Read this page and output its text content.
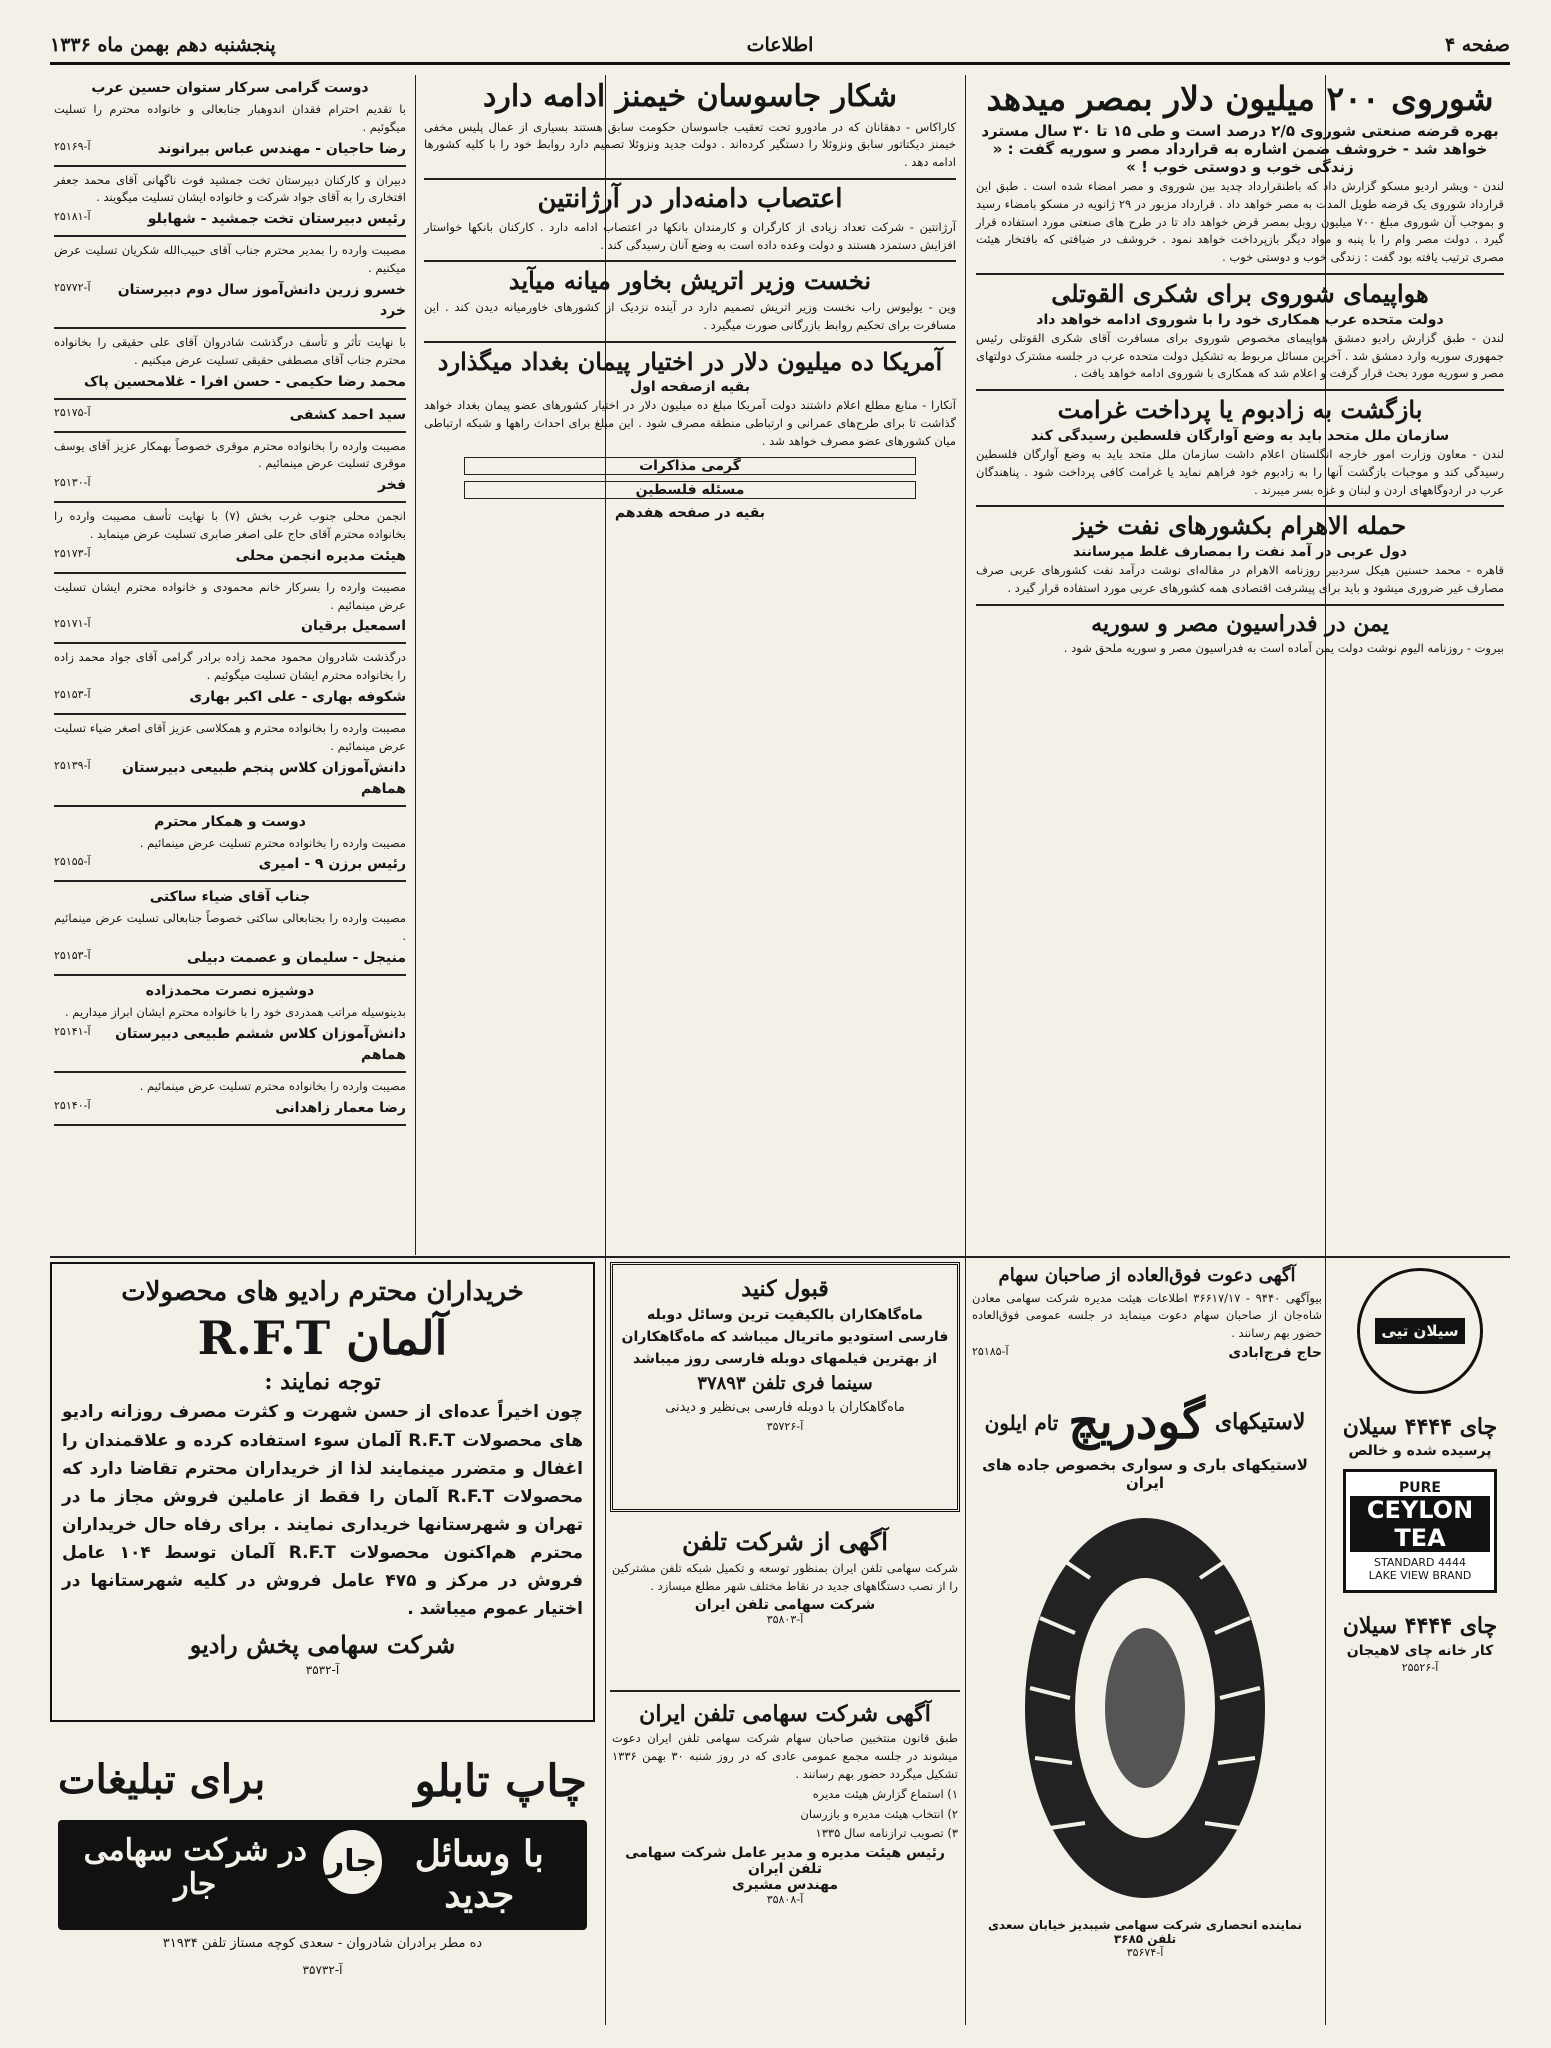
صفحه ۴
اطلاعات
پنجشنبه دهم بهمن ماه ۱۳۳۶
شوروی ۲۰۰ میلیون دلار بمصر میدهد
بهره قرضه صنعتی شوروی ۲/۵ درصد است و طی ۱۵ تا ۳۰ سال مسترد خواهد شد - خروشف ضمن اشاره به قرارداد مصر و سوریه گفت : « زندگی خوب و دوستی خوب ! »
لندن - ویشر اردیو مسکو گزارش داد که باطنقرارداد چدید بین شوروی و مصر امضاء شده است . طبق این قرارداد شوروی یک قرضه طویل المدت به مصر خواهد داد . قرارداد مزبور در ۲۹ ژانویه در مسکو بامضاء رسید و بموجب آن شوروی مبلغ ۷۰۰ میلیون روبل بمصر قرض خواهد داد تا در طرح های صنعتی مورد استفاده قرار گیرد . دولت مصر وام را با پنبه و مواد دیگر بازپرداخت خواهد نمود . خروشف در ضیافتی که بافتخار هیئت مصری ترتیب یافته بود گفت : زندگی خوب و دوستی خوب .
هواپیمای شوروی برای شکری القوتلی
دولت متحده عرب همکاری خود را با شوروی ادامه خواهد داد
لندن - طبق گزارش رادیو دمشق هواپیمای مخصوص شوروی برای مسافرت آقای شکری القوتلی رئیس جمهوری سوریه وارد دمشق شد . آخرین مسائل مربوط به تشکیل دولت متحده عرب در جلسه مشترک دولتهای مصر و سوریه مورد بحث قرار گرفت و اعلام شد که همکاری با شوروی ادامه خواهد یافت .
بازگشت به زادبوم یا پرداخت غرامت
سازمان ملل متحد باید به وضع آوارگان فلسطین رسیدگی کند
لندن - معاون وزارت امور خارجه انگلستان اعلام داشت سازمان ملل متحد باید به وضع آوارگان فلسطین رسیدگی کند و موجبات بازگشت آنها را به زادبوم خود فراهم نماید یا غرامت کافی پرداخت شود . پناهندگان عرب در اردوگاههای اردن و لبنان و غزه بسر میبرند .
حمله الاهرام بکشورهای نفت خیز
دول عربی در آمد نفت را بمصارف غلط میرسانند
قاهره - محمد حسنین هیکل سردبیر روزنامه الاهرام در مقاله‌ای نوشت درآمد نفت کشورهای عربی صرف مصارف غیر ضروری میشود و باید برای پیشرفت اقتصادی همه کشورهای عربی مورد استفاده قرار گیرد .
یمن در فدراسیون مصر و سوریه
بیروت - روزنامه الیوم نوشت دولت یمن آماده است به فدراسیون مصر و سوریه ملحق شود .
شکار جاسوسان خیمنز ادامه دارد
کاراکاس - دهقانان که در مادورو تحت تعقیب جاسوسان حکومت سابق هستند بسیاری از عمال پلیس مخفی خیمنز دیکتاتور سابق ونزوئلا را دستگیر کرده‌اند . دولت جدید ونزوئلا تصمیم دارد روابط خود را با کلیه کشورها ادامه دهد .
اعتصاب دامنه‌دار در آرژانتین
آرژانتین - شرکت تعداد زیادی از کارگران و کارمندان بانکها در اعتصاب ادامه دارد . کارکنان بانکها خواستار افزایش دستمزد هستند و دولت وعده داده است به وضع آنان رسیدگی کند .
نخست وزیر اتریش بخاور میانه میآید
وین - یولیوس راب نخست وزیر اتریش تصمیم دارد در آینده نزدیک از کشورهای خاورمیانه دیدن کند . این مسافرت برای تحکیم روابط بازرگانی صورت میگیرد .
آمریکا ده میلیون دلار در اختیار پیمان بغداد میگذارد
بقیه ازصفحه اول
آنکارا - منابع مطلع اعلام داشتند دولت آمریکا مبلغ ده میلیون دلار در اختیار کشورهای عضو پیمان بغداد خواهد گذاشت تا برای طرح‌های عمرانی و ارتباطی منطقه مصرف شود . این مبلغ برای احداث راهها و شبکه ارتباطی میان کشورهای عضو مصرف خواهد شد .
گرمی مذاکرات
مسئله فلسطین
بقیه در صفحه هفدهم
دوست گرامی سرکار ستوان حسین عرب
با تقدیم احترام فقدان اندوهبار جنابعالی و خانواده محترم را تسلیت میگوئیم .
آ-۲۵۱۶۹	رضا حاجیان - مهندس عباس بیرانوند
دبیران و کارکنان دبیرستان تخت جمشید فوت ناگهانی آقای محمد جعفر افتخاری را به آقای جواد شرکت و خانواده ایشان تسلیت میگویند .
آ-۲۵۱۸۱	رئیس دبیرستان تخت جمشید - شهابلو
مصیبت وارده را بمدیر محترم جناب آقای حبیب‌الله شکریان تسلیت عرض میکنیم .
آ-۲۵۷۷۲ خسرو زرین دانش‌آموز سال دوم دبیرستان خرد
با نهایت تأثر و تأسف درگذشت شادروان آقای علی حقیقی را بخانواده محترم جناب آقای مصطفی حقیقی تسلیت عرض میکنیم .
محمد رضا حکیمی - حسن افرا - غلامحسین پاک
آ-۲۵۱۷۵	سید احمد کشفی
مصیبت وارده را بخانواده محترم موقری خصوصاً بهمکار عزیز آقای یوسف موقری تسلیت عرض مینمائیم .
آ-۲۵۱۳۰	فخر
انجمن محلی جنوب غرب بخش (۷) با نهایت تأسف مصیبت وارده را بخانواده محترم آقای حاج علی اصغر صابری تسلیت عرض مینماید .
آ-۲۵۱۷۳	هیئت مدیره انجمن محلی
مصیبت وارده را بسرکار خانم محمودی و خانواده محترم ایشان تسلیت عرض مینمائیم .
آ-۲۵۱۷۱	اسمعیل برقیان
درگذشت شادروان محمود محمد زاده برادر گرامی آقای جواد محمد زاده را بخانواده محترم ایشان تسلیت میگوئیم .
آ-۲۵۱۵۳	شکوفه بهاری - علی اکبر بهاری
مصیبت وارده را بخانواده محترم و همکلاسی عزیز آقای اصغر ضیاء تسلیت عرض مینمائیم .
آ-۲۵۱۳۹ دانش‌آموزان کلاس پنجم طبیعی دبیرستان هماهم
دوست و همکار محترم
مصیبت وارده را بخانواده محترم تسلیت عرض مینمائیم .
آ-۲۵۱۵۵	رئیس برزن ۹ - امیری
جناب آقای ضیاء ساکتی
مصیبت وارده را بجنابعالی ساکتی خصوصاً جنابعالی تسلیت عرض مینمائیم .
آ-۲۵۱۵۳	منیجل - سلیمان و عصمت دبیلی
دوشیزه نصرت محمدزاده
بدینوسیله مراتب همدردی خود را با خانواده محترم ایشان ابراز میداریم .
آ-۲۵۱۴۱ دانش‌آموزان کلاس ششم طبیعی دبیرستان هماهم
مصیبت وارده را بخانواده محترم تسلیت عرض مینمائیم .
آ-۲۵۱۴۰	رضا معمار زاهدانی
خریداران محترم رادیو های محصولات
آلمان R.F.T
توجه نمایند :
چون اخیراً عده‌ای از حسن شهرت و کثرت مصرف روزانه رادیو های محصولات R.F.T آلمان سوء استفاده کرده و علاقمندان را اغفال و متضرر مینمایند لذا از خریداران محترم تقاضا دارد که محصولات R.F.T آلمان را فقط از عاملین فروش مجاز ما در تهران و شهرستانها خریداری نمایند . برای رفاه حال خریداران محترم هم‌اکنون محصولات R.F.T آلمان توسط ۱۰۴ عامل فروش در مرکز و ۴۷۵ عامل فروش در کلیه شهرستانها در اختیار عموم میباشد .
شرکت سهامی پخش رادیو
آ-۳۵۳۲
چاپ تابلو
برای تبلیغات
با وسائل جدید
جار
در شرکت سهامی جار
ده مطر برادران شادروان - سعدی کوچه مستاز تلفن ۳۱۹۳۴
آ-۳۵۷۳۲
قبول کنید
ماه‌گاهکاران بالکیفیت ترین وسائل دوبله فارسی استودیو ماتریال میباشد که ماه‌گاهکاران از بهترین فیلمهای دوبله فارسی روز میباشد
سینما فری تلفن ۳۷۸۹۳
ماه‌گاهکاران با دوبله فارسی بی‌نظیر و دیدنی
آ-۳۵۷۲۶
آگهی از شرکت تلفن
شرکت سهامی تلفن ایران بمنظور توسعه و تکمیل شبکه تلفن مشترکین را از نصب دستگاههای جدید در نقاط مختلف شهر مطلع میسازد .
شرکت سهامی تلفن ایران
آ-۳۵۸۰۳
آگهی شرکت سهامی تلفن ایران
طبق قانون منتخبین صاحبان سهام شرکت سهامی تلفن ایران دعوت میشوند در جلسه مجمع عمومی عادی که در روز شنبه ۳۰ بهمن ۱۳۳۶ تشکیل میگردد حضور بهم رسانند .
۱) استماع گزارش هیئت مدیره
۲) انتخاب هیئت مدیره و بازرسان
۳) تصویب ترازنامه سال ۱۳۳۵
رئیس هیئت مدیره و مدیر عامل شرکت سهامی تلفن ایران
مهندس مشیری
آ-۳۵۸۰۸
لاستیکهای
گودریچ
تام ایلون
لاستیکهای باری و سواری بخصوص جاده های ایران
نماینده انحصاری شرکت سهامی شیبدیز خیابان سعدی تلفن ۳۶۸۵
آ-۳۵۶۷۴
آگهی دعوت فوق‌العاده از صاحبان سهام
بیوآگهی ۹۴۴۰ - ۳۶۶۱۷/۱۷ اطلاعات هیئت مدیره شرکت سهامی معادن شاه‌جان از صاحبان سهام دعوت مینماید در جلسه عمومی فوق‌العاده حضور بهم رسانند .
حاج فرج‌ابادی
آ-۲۵۱۸۵
سیلان تیی
چای ۴۴۴۴ سیلان
پرسیده شده و خالص
PURE
CEYLON
TEA
STANDARD 4444
LAKE VIEW BRAND
چای ۴۴۴۴ سیلان
کار خانه چای لاهیجان
آ-۲۵۵۲۶
